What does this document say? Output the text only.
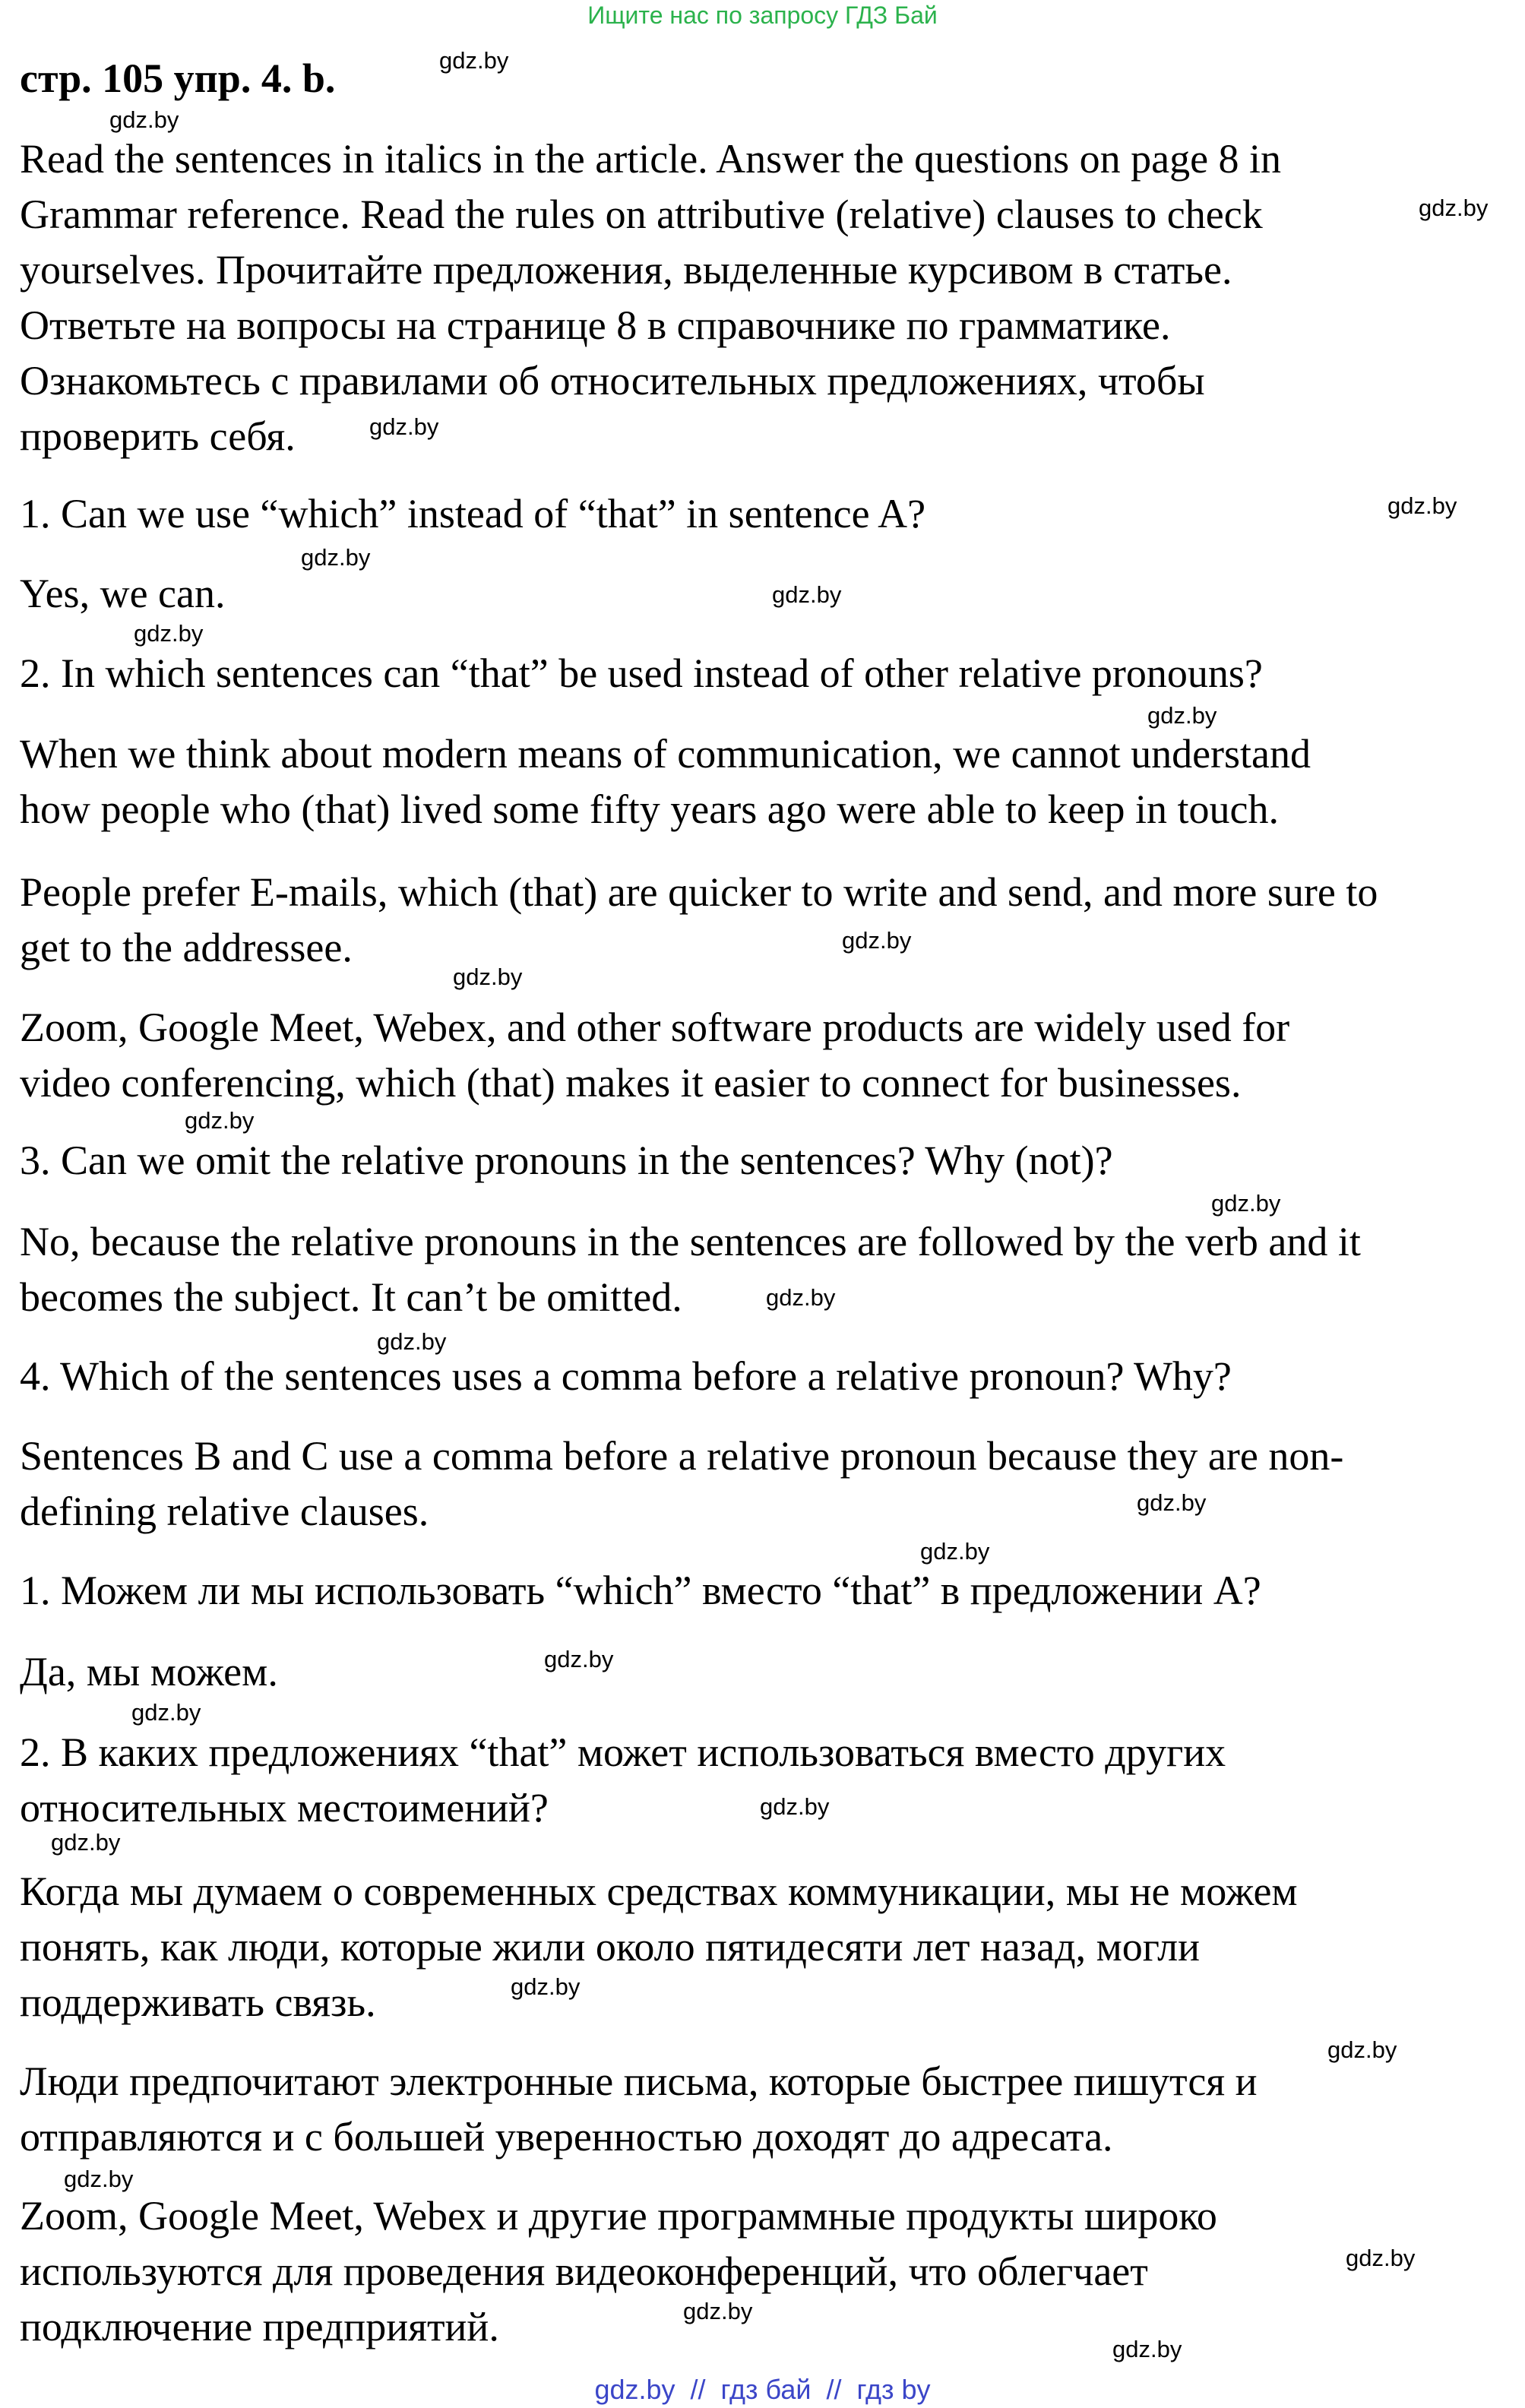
Ищите нас по запросу ГДЗ Бай
стр. 105 упр. 4. b.
Read the sentences in italics in the article. Answer the questions on page 8 in
Grammar reference. Read the rules on attributive (relative) clauses to check
yourselves. Прочитайте предложения, выделенные курсивом в статье.
Ответьте на вопросы на странице 8 в справочнике по грамматике.
Ознакомьтесь с правилами об относительных предложениях, чтобы
проверить себя.
1. Can we use “which” instead of “that” in sentence A?
Yes, we can.
2. In which sentences can “that” be used instead of other relative pronouns?
When we think about modern means of communication, we cannot understand
how people who (that) lived some fifty years ago were able to keep in touch.
People prefer E-mails, which (that) are quicker to write and send, and more sure to
get to the addressee.
Zoom, Google Meet, Webex, and other software products are widely used for
video conferencing, which (that) makes it easier to connect for businesses.
3. Can we omit the relative pronouns in the sentences? Why (not)?
No, because the relative pronouns in the sentences are followed by the verb and it
becomes the subject. It can’t be omitted.
4. Which of the sentences uses a comma before a relative pronoun? Why?
Sentences B and C use a comma before a relative pronoun because they are non-
defining relative clauses.
1. Можем ли мы использовать “which” вместо “that” в предложении А?
Да, мы можем.
2. В каких предложениях “that” может использоваться вместо других
относительных местоимений?
Когда мы думаем о современных средствах коммуникации, мы не можем
понять, как люди, которые жили около пятидесяти лет назад, могли
поддерживать связь.
Люди предпочитают электронные письма, которые быстрее пишутся и
отправляются и с большей уверенностью доходят до адресата.
Zoom, Google Meet, Webex и другие программные продукты широко
используются для проведения видеоконференций, что облегчает
подключение предприятий.
gdz.by
gdz.by
gdz.by
gdz.by
gdz.by
gdz.by
gdz.by
gdz.by
gdz.by
gdz.by
gdz.by
gdz.by
gdz.by
gdz.by
gdz.by
gdz.by
gdz.by
gdz.by
gdz.by
gdz.by
gdz.by
gdz.by
gdz.by
gdz.by
gdz.by
gdz.by
gdz.by
gdz.by  //  гдз бай  //  гдз by
